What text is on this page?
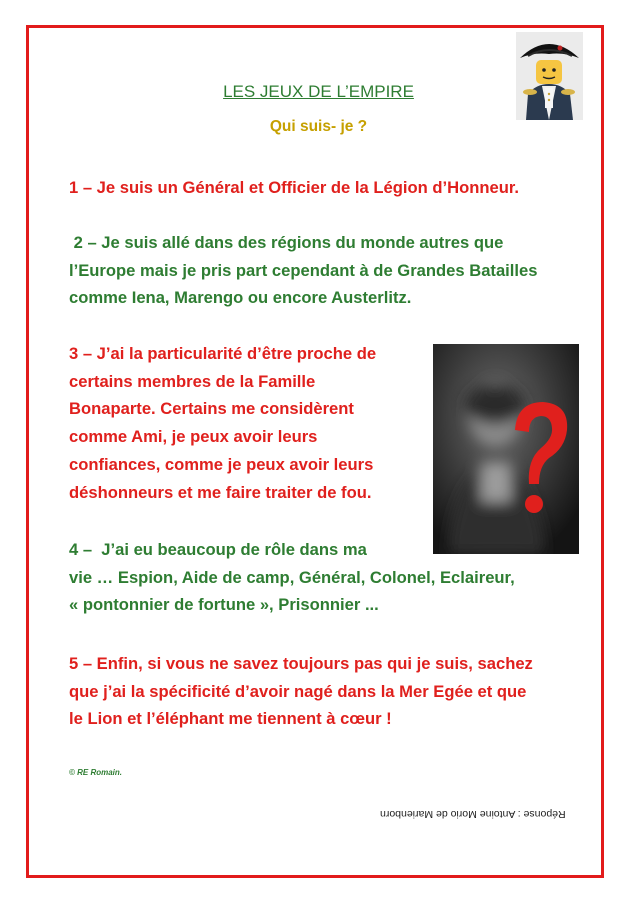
LES JEUX DE L’EMPIRE
Qui suis- je ?
1 – Je suis un Général et Officier de la Légion d’Honneur.
2 – Je suis allé dans des régions du monde autres que
l’Europe mais je pris part cependant à de Grandes Batailles
comme Iena, Marengo ou encore Austerlitz.
3 – J’ai la particularité d’être proche de
certains membres de la Famille
Bonaparte. Certains me considèrent
comme Ami, je peux avoir leurs
confiances, comme je peux avoir leurs
déshonneurs et me faire traiter de fou.
4 –  J’ai eu beaucoup de rôle dans ma
vie … Espion, Aide de camp, Général, Colonel, Eclaireur,
« pontonnier de fortune », Prisonnier ...
5 – Enfin, si vous ne savez toujours pas qui je suis, sachez
que j’ai la spécificité d’avoir nagé dans la Mer Egée et que
le Lion et l’éléphant me tiennent à cœur !
© RE Romain.
Réponse : Antoine Morio de Marienborn
